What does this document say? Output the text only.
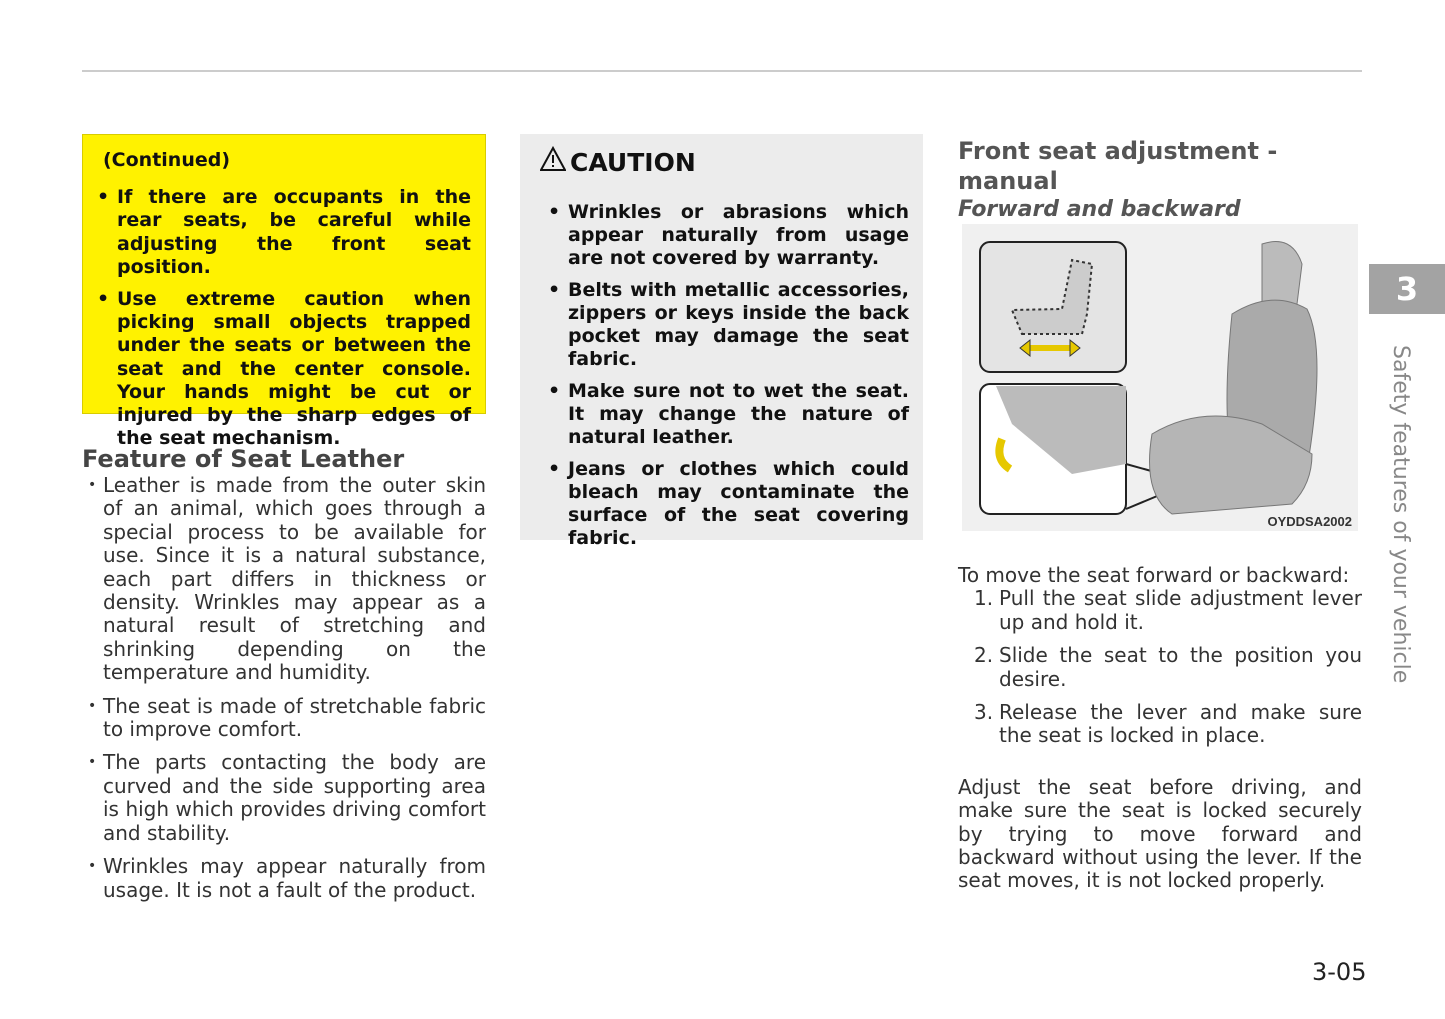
(Continued)
• If there are occupants in the rear seats, be careful while adjusting the front seat position.
• Use extreme caution when picking small objects trapped under the seats or between the seat and the center console. Your hands might be cut or injured by the sharp edges of the seat mechanism.
Feature of Seat Leather
• Leather is made from the outer skin of an animal, which goes through a special process to be available for use. Since it is a natural substance, each part differs in thickness or density. Wrinkles may appear as a natural result of stretching and shrinking depending on the temperature and humidity.
• The seat is made of stretchable fabric to improve comfort.
• The parts contacting the body are curved and the side supporting area is high which provides driving comfort and stability.
• Wrinkles may appear naturally from usage. It is not a fault of the product.
CAUTION
• Wrinkles or abrasions which appear naturally from usage are not covered by warranty.
• Belts with metallic accessories, zippers or keys inside the back pocket may damage the seat fabric.
• Make sure not to wet the seat. It may change the nature of natural leather.
• Jeans or clothes which could bleach may contaminate the surface of the seat covering fabric.
Front seat adjustment - manual
Forward and backward
OYDDSA2002

To move the seat forward or backward:

1. Pull the seat slide adjustment lever up and hold it.
2. Slide the seat to the position you desire.
3. Release the lever and make sure the seat is locked in place.

Adjust the seat before driving, and make sure the seat is locked securely by trying to move forward and backward without using the lever. If the seat moves, it is not locked properly.

3
Safety features of your vehicle
3-05
